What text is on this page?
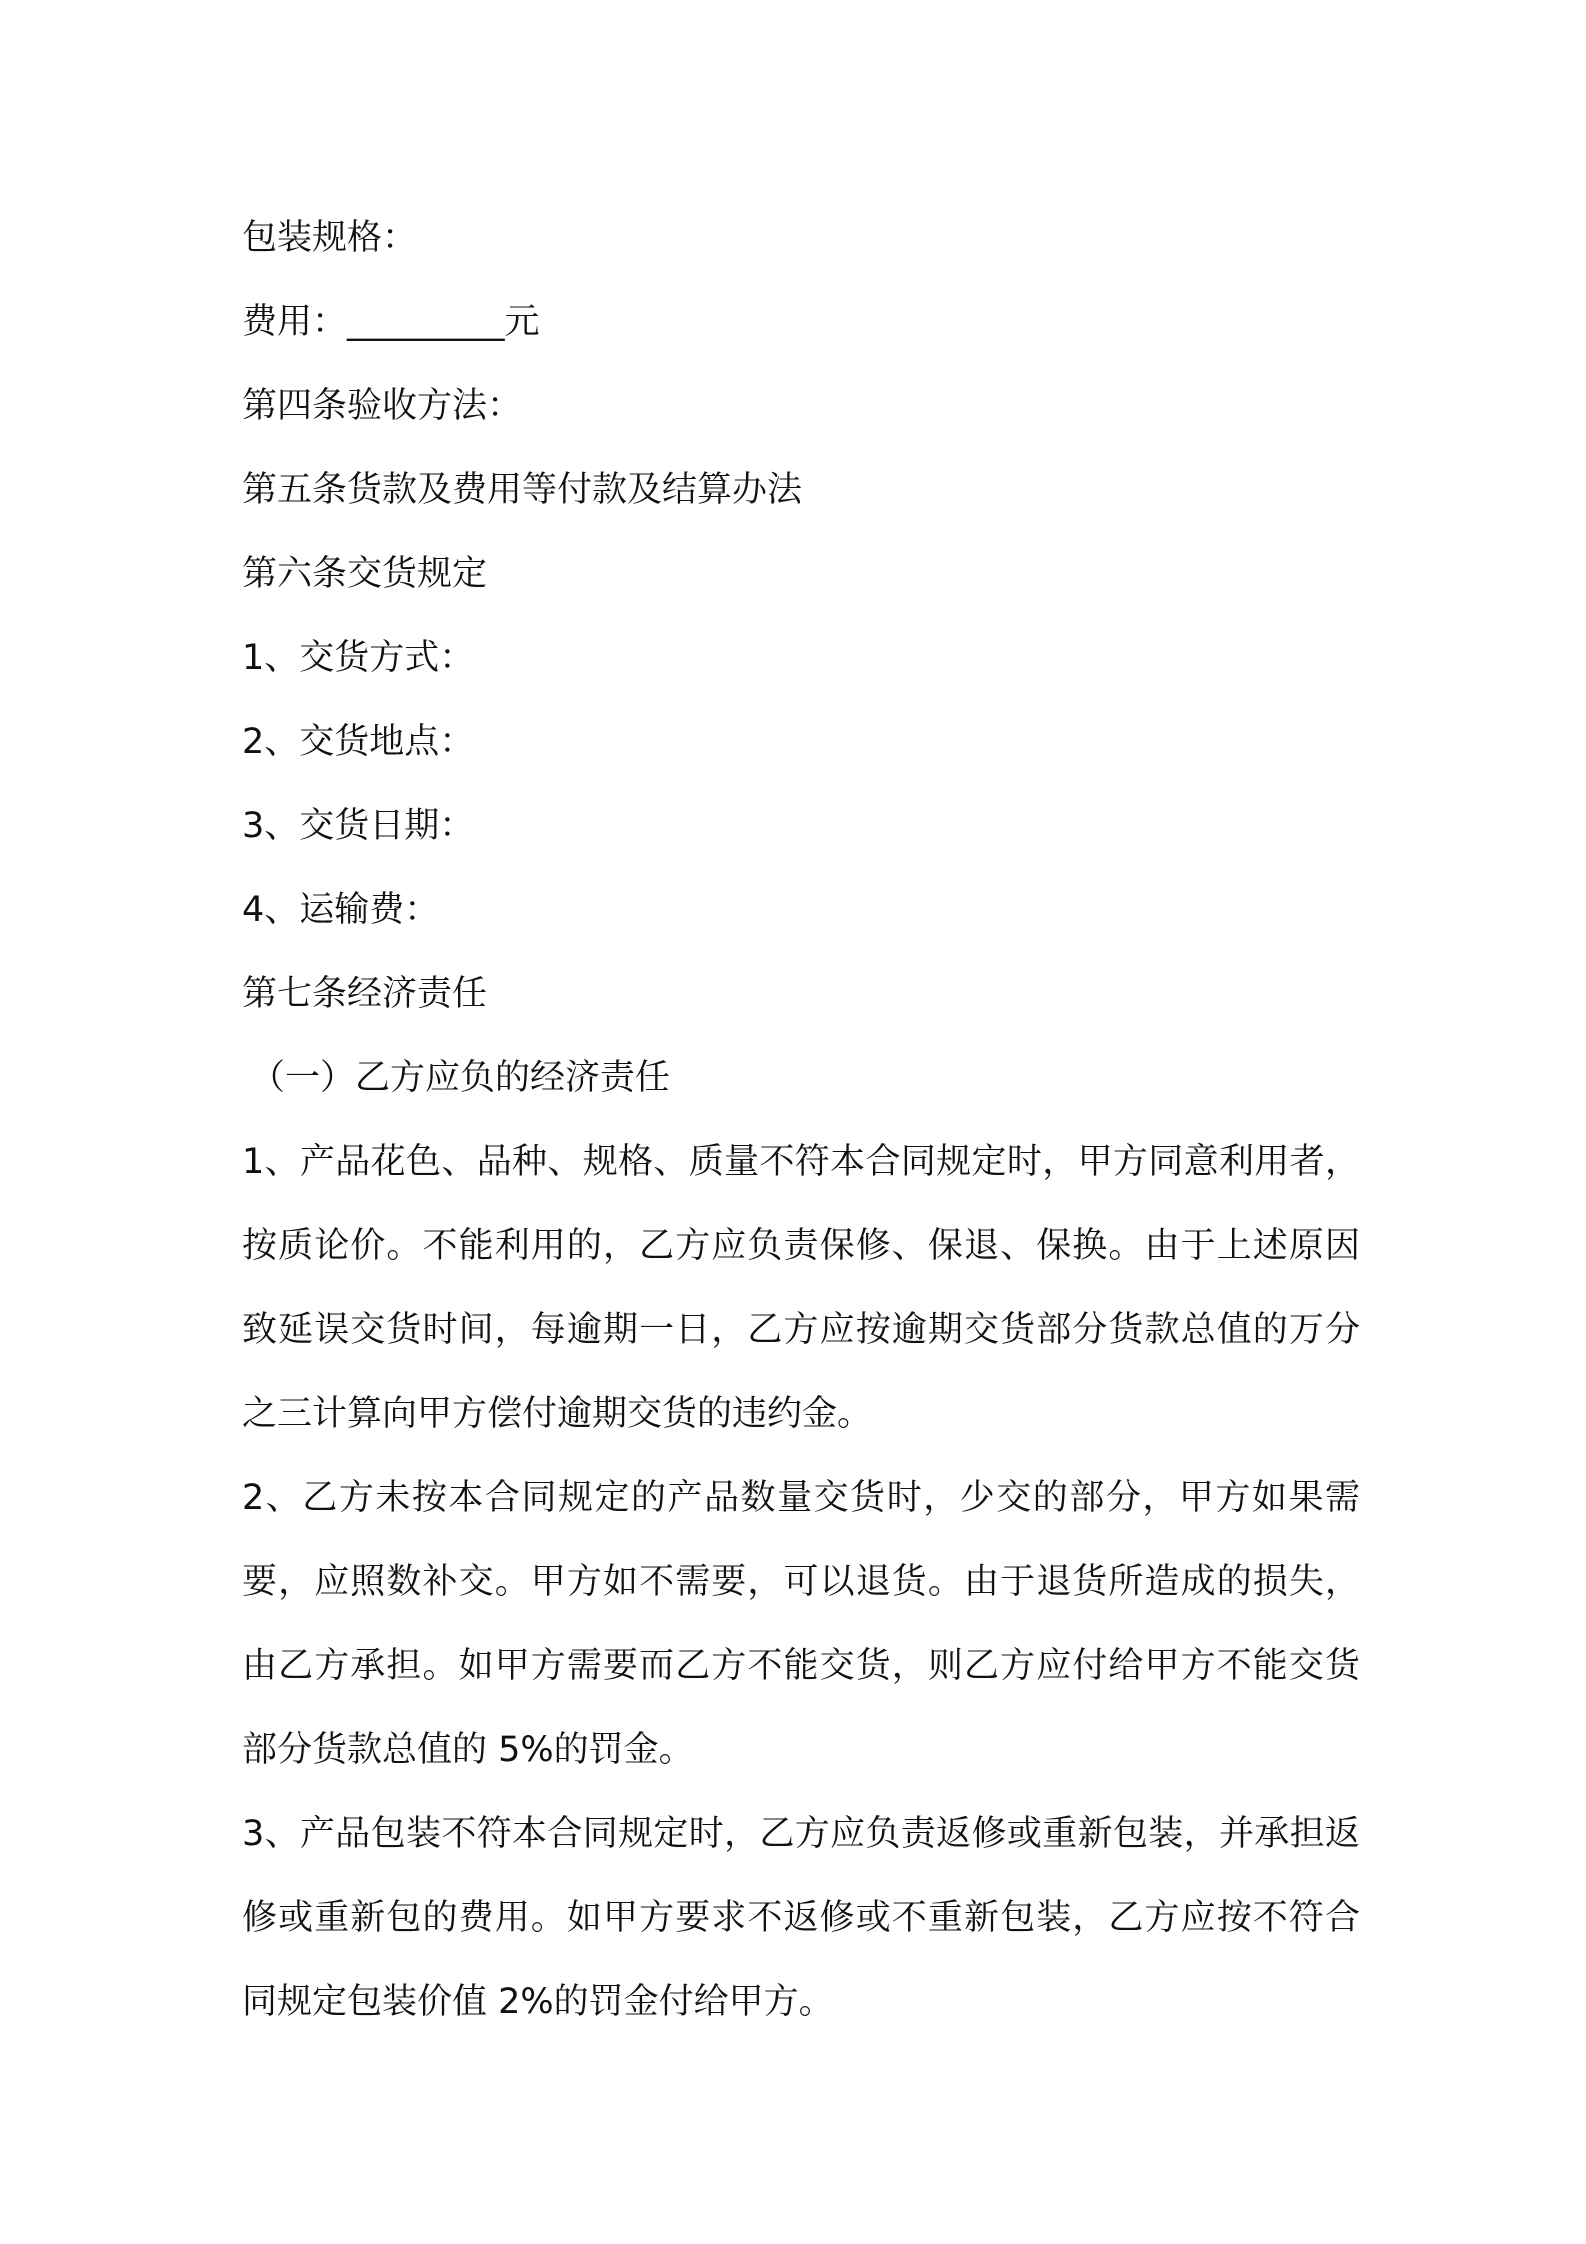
包装规格：

费用：_________元

第四条验收方法：

第五条货款及费用等付款及结算办法

第六条交货规定

1、交货方式：

2、交货地点：

3、交货日期：

4、运输费：

第七条经济责任

（一）乙方应负的经济责任

1、产品花色、品种、规格、质量不符本合同规定时，甲方同意利用者，按质论价。不能利用的，乙方应负责保修、保退、保换。由于上述原因致延误交货时间，每逾期一日，乙方应按逾期交货部分货款总值的万分之三计算向甲方偿付逾期交货的违约金。

2、乙方未按本合同规定的产品数量交货时，少交的部分，甲方如果需要，应照数补交。甲方如不需要，可以退货。由于退货所造成的损失，由乙方承担。如甲方需要而乙方不能交货，则乙方应付给甲方不能交货部分货款总值的 5%的罚金。

3、产品包装不符本合同规定时，乙方应负责返修或重新包装，并承担返修或重新包的费用。如甲方要求不返修或不重新包装，乙方应按不符合同规定包装价值 2%的罚金付给甲方。
